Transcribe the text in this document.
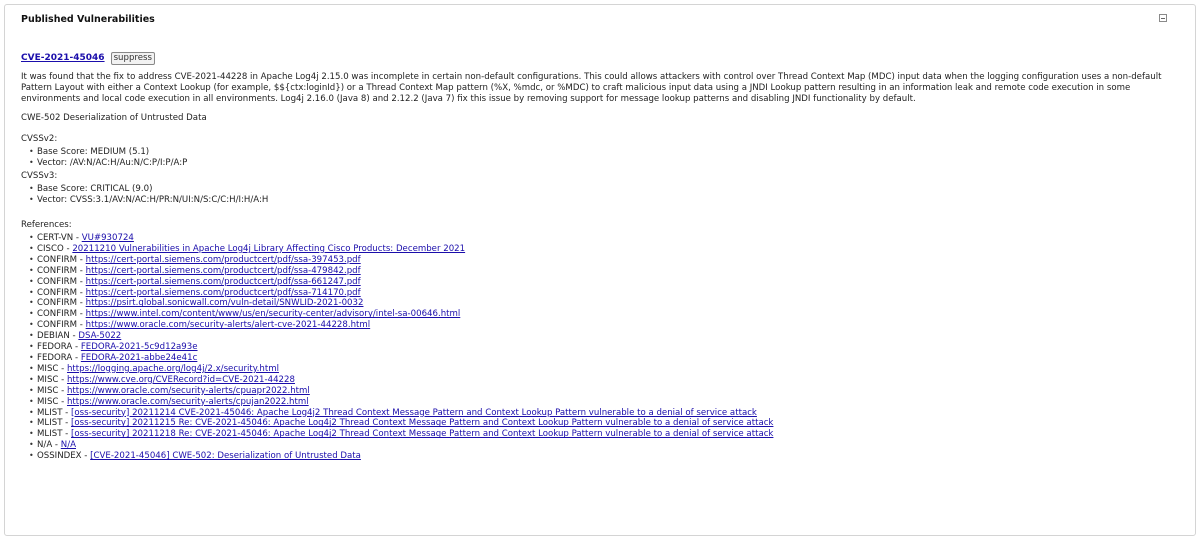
Published Vulnerabilities
CVE-2021-45046	suppress

It was found that the fix to address CVE-2021-44228 in Apache Log4j 2.15.0 was incomplete in certain non-default configurations. This could allows attackers with control over Thread Context Map (MDC) input data when the logging configuration uses a non-default Pattern Layout with either a Context Lookup (for example, $${ctx:loginId}) or a Thread Context Map pattern (%X, %mdc, or %MDC) to craft malicious input data using a JNDI Lookup pattern resulting in an information leak and remote code execution in some environments and local code execution in all environments. Log4j 2.16.0 (Java 8) and 2.12.2 (Java 7) fix this issue by removing support for message lookup patterns and disabling JNDI functionality by default.

CWE-502 Deserialization of Untrusted Data

CVSSv2:

• Base Score: MEDIUM (5.1)
• Vector: /AV:N/AC:H/Au:N/C:P/I:P/A:P

CVSSv3:

• Base Score: CRITICAL (9.0)
• Vector: CVSS:3.1/AV:N/AC:H/PR:N/UI:N/S:C/C:H/I:H/A:H

References:

• CERT-VN - VU#930724
• CISCO - 20211210 Vulnerabilities in Apache Log4j Library Affecting Cisco Products: December 2021
• CONFIRM - https://cert-portal.siemens.com/productcert/pdf/ssa-397453.pdf
• CONFIRM - https://cert-portal.siemens.com/productcert/pdf/ssa-479842.pdf
• CONFIRM - https://cert-portal.siemens.com/productcert/pdf/ssa-661247.pdf
• CONFIRM - https://cert-portal.siemens.com/productcert/pdf/ssa-714170.pdf
• CONFIRM - https://psirt.global.sonicwall.com/vuln-detail/SNWLID-2021-0032
• CONFIRM - https://www.intel.com/content/www/us/en/security-center/advisory/intel-sa-00646.html
• CONFIRM - https://www.oracle.com/security-alerts/alert-cve-2021-44228.html
• DEBIAN - DSA-5022
• FEDORA - FEDORA-2021-5c9d12a93e
• FEDORA - FEDORA-2021-abbe24e41c
• MISC - https://logging.apache.org/log4j/2.x/security.html
• MISC - https://www.cve.org/CVERecord?id=CVE-2021-44228
• MISC - https://www.oracle.com/security-alerts/cpuapr2022.html
• MISC - https://www.oracle.com/security-alerts/cpujan2022.html
• MLIST - [oss-security] 20211214 CVE-2021-45046: Apache Log4j2 Thread Context Message Pattern and Context Lookup Pattern vulnerable to a denial of service attack
• MLIST - [oss-security] 20211215 Re: CVE-2021-45046: Apache Log4j2 Thread Context Message Pattern and Context Lookup Pattern vulnerable to a denial of service attack
• MLIST - [oss-security] 20211218 Re: CVE-2021-45046: Apache Log4j2 Thread Context Message Pattern and Context Lookup Pattern vulnerable to a denial of service attack
• N/A - N/A
• OSSINDEX - [CVE-2021-45046] CWE-502: Deserialization of Untrusted Data
